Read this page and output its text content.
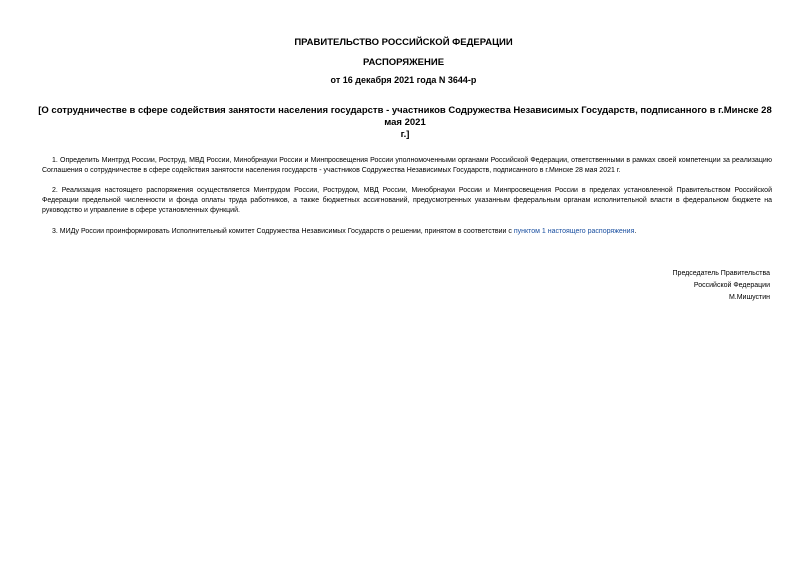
ПРАВИТЕЛЬСТВО РОССИЙСКОЙ ФЕДЕРАЦИИ
РАСПОРЯЖЕНИЕ
от 16 декабря 2021 года N 3644-р
[О сотрудничестве в сфере содействия занятости населения государств - участников Содружества Независимых Государств, подписанного в г.Минске 28 мая 2021
г.]

1. Определить Минтруд России, Роструд, МВД России, Минобрнауки России и Минпросвещения России уполномоченными органами Российской Федерации, ответственными в рамках своей компетенции за реализацию Соглашения о сотрудничестве в сфере содействия занятости населения государств - участников Содружества Независимых Государств, подписанного в г.Минске 28 мая 2021 г.

2. Реализация настоящего распоряжения осуществляется Минтрудом России, Рострудом, МВД России, Минобрнауки России и Минпросвещения России в пределах установленной Правительством Российской Федерации предельной численности и фонда оплаты труда работников, а также бюджетных ассигнований, предусмотренных указанным федеральным органам исполнительной власти в федеральном бюджете на руководство и управление в сфере установленных функций.

3. МИДу России проинформировать Исполнительный комитет Содружества Независимых Государств о решении, принятом в соответствии с пунктом 1 настоящего распоряжения.

Председатель Правительства
Российской Федерации
М.Мишустин
